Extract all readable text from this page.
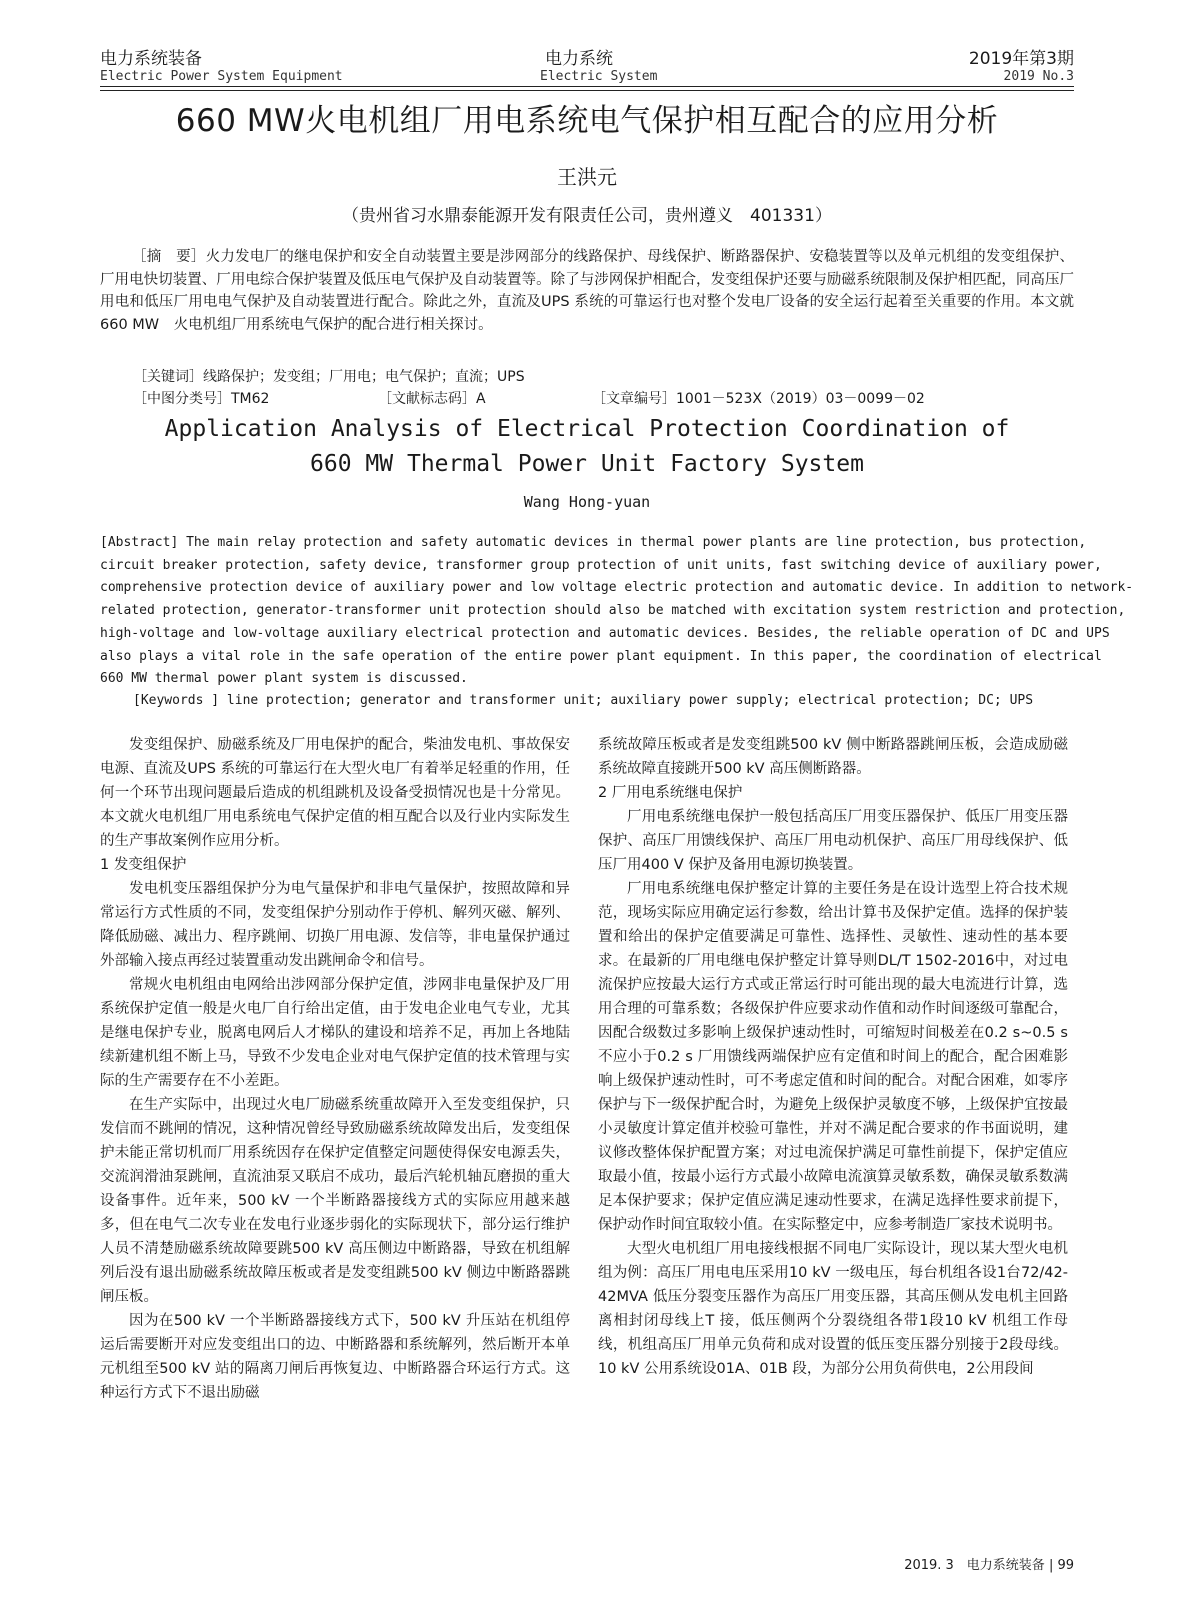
电力系统装备
Electric Power System Equipment
电力系统
Electric System
2019年第3期
2019 No.3
660 MW火电机组厂用电系统电气保护相互配合的应用分析
王洪元
（贵州省习水鼎泰能源开发有限责任公司，贵州遵义　401331）
［摘　要］火力发电厂的继电保护和安全自动装置主要是涉网部分的线路保护、母线保护、断路器保护、安稳装置等以及单元机组的发变组保护、厂用电快切装置、厂用电综合保护装置及低压电气保护及自动装置等。除了与涉网保护相配合，发变组保护还要与励磁系统限制及保护相匹配，同高压厂用电和低压厂用电电气保护及自动装置进行配合。除此之外，直流及UPS 系统的可靠运行也对整个发电厂设备的安全运行起着至关重要的作用。本文就660 MW　火电机组厂用系统电气保护的配合进行相关探讨。
［关键词］线路保护；发变组；厂用电；电气保护；直流；UPS
［中图分类号］TM62	［文献标志码］A	［文章编号］1001－523X（2019）03－0099－02
Application Analysis of Electrical Protection Coordination of
660 MW Thermal Power Unit Factory System
Wang Hong-yuan
[Abstract] The main relay protection and safety automatic devices in thermal power plants are line protection, bus protection,
circuit breaker protection, safety device, transformer group protection of unit units, fast switching device of auxiliary power,
comprehensive protection device of auxiliary power and low voltage electric protection and automatic device. In addition to network-
related protection, generator-transformer unit protection should also be matched with excitation system restriction and protection,
high-voltage and low-voltage auxiliary electrical protection and automatic devices. Besides, the reliable operation of DC and UPS
also plays a vital role in the safe operation of the entire power plant equipment. In this paper, the coordination of electrical
660 MW thermal power plant system is discussed.
[Keywords ] line protection; generator and transformer unit; auxiliary power supply; electrical protection; DC; UPS

发变组保护、励磁系统及厂用电保护的配合，柴油发电机、事故保安电源、直流及UPS 系统的可靠运行在大型火电厂有着举足轻重的作用，任何一个环节出现问题最后造成的机组跳机及设备受损情况也是十分常见。本文就火电机组厂用电系统电气保护定值的相互配合以及行业内实际发生的生产事故案例作应用分析。

1 发变组保护

发电机变压器组保护分为电气量保护和非电气量保护，按照故障和异常运行方式性质的不同，发变组保护分别动作于停机、解列灭磁、解列、降低励磁、减出力、程序跳闸、切换厂用电源、发信等，非电量保护通过外部输入接点再经过装置重动发出跳闸命令和信号。

常规火电机组由电网给出涉网部分保护定值，涉网非电量保护及厂用系统保护定值一般是火电厂自行给出定值，由于发电企业电气专业，尤其是继电保护专业，脱离电网后人才梯队的建设和培养不足，再加上各地陆续新建机组不断上马，导致不少发电企业对电气保护定值的技术管理与实际的生产需要存在不小差距。

在生产实际中，出现过火电厂励磁系统重故障开入至发变组保护，只发信而不跳闸的情况，这种情况曾经导致励磁系统故障发出后，发变组保护未能正常切机而厂用系统因存在保护定值整定问题使得保安电源丢失，交流润滑油泵跳闸，直流油泵又联启不成功，最后汽轮机轴瓦磨损的重大设备事件。近年来，500 kV 一个半断路器接线方式的实际应用越来越多，但在电气二次专业在发电行业逐步弱化的实际现状下，部分运行维护人员不清楚励磁系统故障要跳500 kV 高压侧边中断路器，导致在机组解列后没有退出励磁系统故障压板或者是发变组跳500 kV 侧边中断路器跳闸压板。

因为在500 kV 一个半断路器接线方式下，500 kV 升压站在机组停运后需要断开对应发变组出口的边、中断路器和系统解列，然后断开本单元机组至500 kV 站的隔离刀闸后再恢复边、中断路器合环运行方式。这种运行方式下不退出励磁

系统故障压板或者是发变组跳500 kV 侧中断路器跳闸压板，会造成励磁系统故障直接跳开500 kV 高压侧断路器。

2 厂用电系统继电保护

厂用电系统继电保护一般包括高压厂用变压器保护、低压厂用变压器保护、高压厂用馈线保护、高压厂用电动机保护、高压厂用母线保护、低压厂用400 V 保护及备用电源切换装置。

厂用电系统继电保护整定计算的主要任务是在设计选型上符合技术规范，现场实际应用确定运行参数，给出计算书及保护定值。选择的保护装置和给出的保护定值要满足可靠性、选择性、灵敏性、速动性的基本要求。在最新的厂用电继电保护整定计算导则DL/T 1502-2016中，对过电流保护应按最大运行方式或正常运行时可能出现的最大电流进行计算，选用合理的可靠系数；各级保护件应要求动作值和动作时间逐级可靠配合，因配合级数过多影响上级保护速动性时，可缩短时间极差在0.2 s~0.5 s不应小于0.2 s 厂用馈线两端保护应有定值和时间上的配合，配合困难影响上级保护速动性时，可不考虑定值和时间的配合。对配合困难，如零序保护与下一级保护配合时，为避免上级保护灵敏度不够，上级保护宜按最小灵敏度计算定值并校验可靠性，并对不满足配合要求的作书面说明，建议修改整体保护配置方案；对过电流保护满足可靠性前提下，保护定值应取最小值，按最小运行方式最小故障电流演算灵敏系数，确保灵敏系数满足本保护要求；保护定值应满足速动性要求，在满足选择性要求前提下，保护动作时间宜取较小值。在实际整定中，应参考制造厂家技术说明书。

大型火电机组厂用电接线根据不同电厂实际设计，现以某大型火电机组为例：高压厂用电电压采用10 kV 一级电压，每台机组各设1台72/42-42MVA 低压分裂变压器作为高压厂用变压器，其高压侧从发电机主回路离相封闭母线上T 接，低压侧两个分裂绕组各带1段10 kV 机组工作母线，机组高压厂用单元负荷和成对设置的低压变压器分别接于2段母线。10 kV 公用系统设01A、01B 段，为部分公用负荷供电，2公用段间

2019. 3　电力系统装备 | 99
